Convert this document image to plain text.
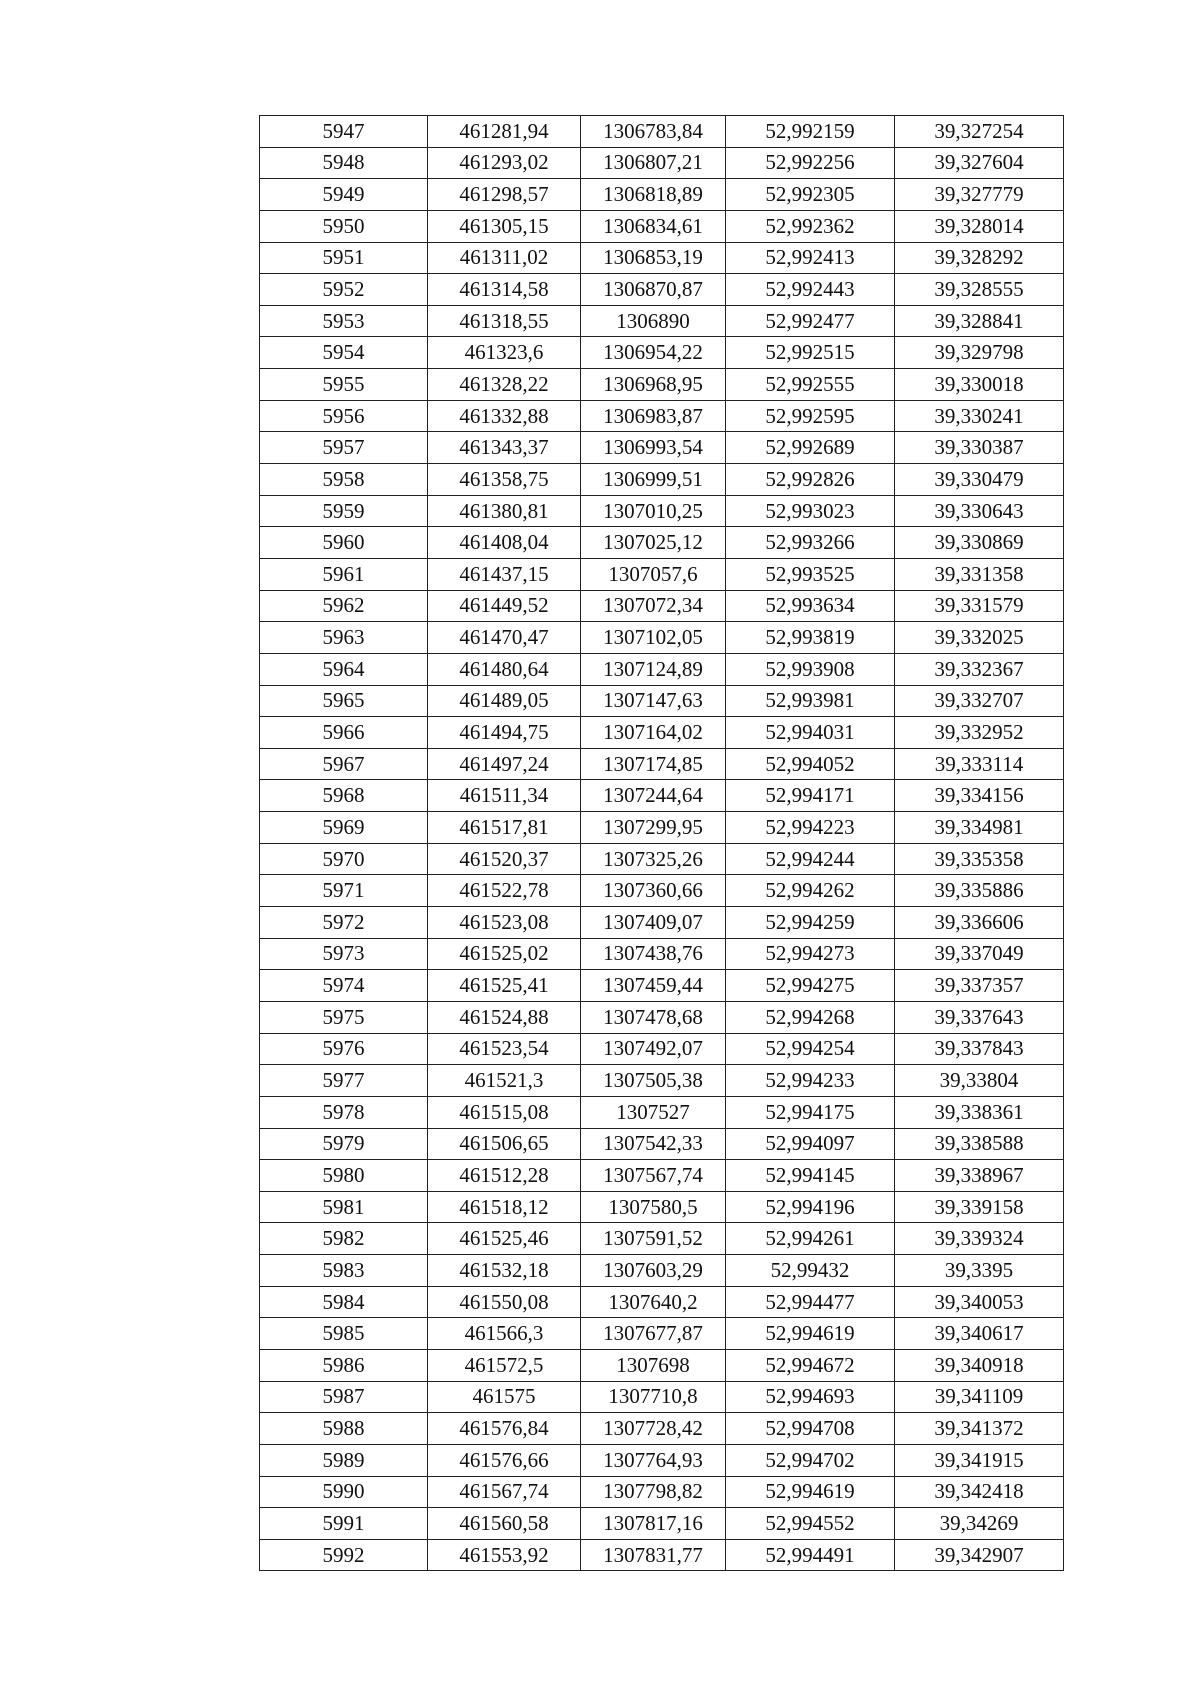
5947	461281,94	1306783,84	52,992159	39,327254
5948	461293,02	1306807,21	52,992256	39,327604
5949	461298,57	1306818,89	52,992305	39,327779
5950	461305,15	1306834,61	52,992362	39,328014
5951	461311,02	1306853,19	52,992413	39,328292
5952	461314,58	1306870,87	52,992443	39,328555
5953	461318,55	1306890	52,992477	39,328841
5954	461323,6	1306954,22	52,992515	39,329798
5955	461328,22	1306968,95	52,992555	39,330018
5956	461332,88	1306983,87	52,992595	39,330241
5957	461343,37	1306993,54	52,992689	39,330387
5958	461358,75	1306999,51	52,992826	39,330479
5959	461380,81	1307010,25	52,993023	39,330643
5960	461408,04	1307025,12	52,993266	39,330869
5961	461437,15	1307057,6	52,993525	39,331358
5962	461449,52	1307072,34	52,993634	39,331579
5963	461470,47	1307102,05	52,993819	39,332025
5964	461480,64	1307124,89	52,993908	39,332367
5965	461489,05	1307147,63	52,993981	39,332707
5966	461494,75	1307164,02	52,994031	39,332952
5967	461497,24	1307174,85	52,994052	39,333114
5968	461511,34	1307244,64	52,994171	39,334156
5969	461517,81	1307299,95	52,994223	39,334981
5970	461520,37	1307325,26	52,994244	39,335358
5971	461522,78	1307360,66	52,994262	39,335886
5972	461523,08	1307409,07	52,994259	39,336606
5973	461525,02	1307438,76	52,994273	39,337049
5974	461525,41	1307459,44	52,994275	39,337357
5975	461524,88	1307478,68	52,994268	39,337643
5976	461523,54	1307492,07	52,994254	39,337843
5977	461521,3	1307505,38	52,994233	39,33804
5978	461515,08	1307527	52,994175	39,338361
5979	461506,65	1307542,33	52,994097	39,338588
5980	461512,28	1307567,74	52,994145	39,338967
5981	461518,12	1307580,5	52,994196	39,339158
5982	461525,46	1307591,52	52,994261	39,339324
5983	461532,18	1307603,29	52,99432	39,3395
5984	461550,08	1307640,2	52,994477	39,340053
5985	461566,3	1307677,87	52,994619	39,340617
5986	461572,5	1307698	52,994672	39,340918
5987	461575	1307710,8	52,994693	39,341109
5988	461576,84	1307728,42	52,994708	39,341372
5989	461576,66	1307764,93	52,994702	39,341915
5990	461567,74	1307798,82	52,994619	39,342418
5991	461560,58	1307817,16	52,994552	39,34269
5992	461553,92	1307831,77	52,994491	39,342907
